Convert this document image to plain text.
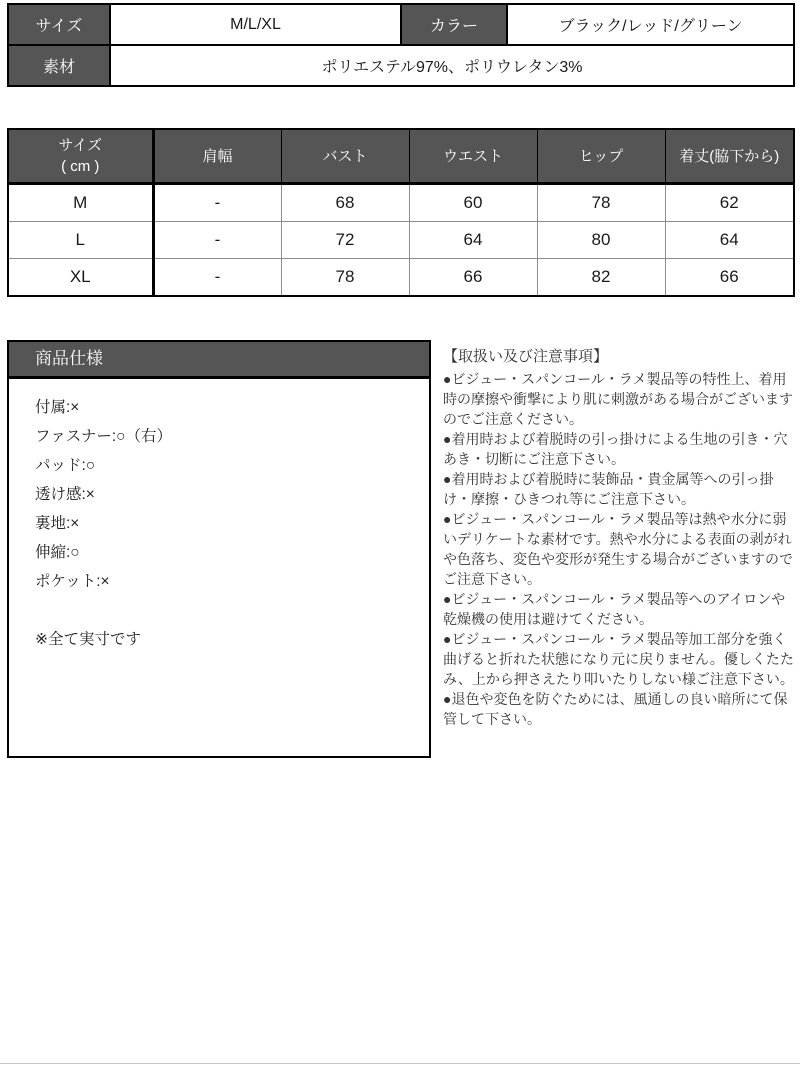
サイズ	M/L/XL	カラー	ブラック/レッド/グリーン
素材	ポリエステル97%、ポリウレタン3%		
サイズ
( cm )	肩幅	バスト	ウエスト	ヒップ	着丈(脇下から)
M	-	68	60	78	62
L	-	72	64	80	64
XL	-	78	66	82	66
商品仕様
付属:×
ファスナー:○（右）
パッド:○
透け感:×
裏地:×
伸縮:○
ポケット:×
※全て実寸です

【取扱い及び注意事項】

●ビジュー・スパンコール・ラメ製品等の特性上、着用時の摩擦や衝撃により肌に刺激がある場合がございますのでご注意ください。

●着用時および着脱時の引っ掛けによる生地の引き・穴あき・切断にご注意下さい。

●着用時および着脱時に装飾品・貴金属等への引っ掛け・摩擦・ひきつれ等にご注意下さい。

●ビジュー・スパンコール・ラメ製品等は熱や水分に弱いデリケートな素材です。熱や水分による表面の剥がれや色落ち、変色や変形が発生する場合がございますのでご注意下さい。

●ビジュー・スパンコール・ラメ製品等へのアイロンや乾燥機の使用は避けてください。

●ビジュー・スパンコール・ラメ製品等加工部分を強く曲げると折れた状態になり元に戻りません。優しくたたみ、上から押さえたり叩いたりしない様ご注意下さい。

●退色や変色を防ぐためには、風通しの良い暗所にて保管して下さい。
